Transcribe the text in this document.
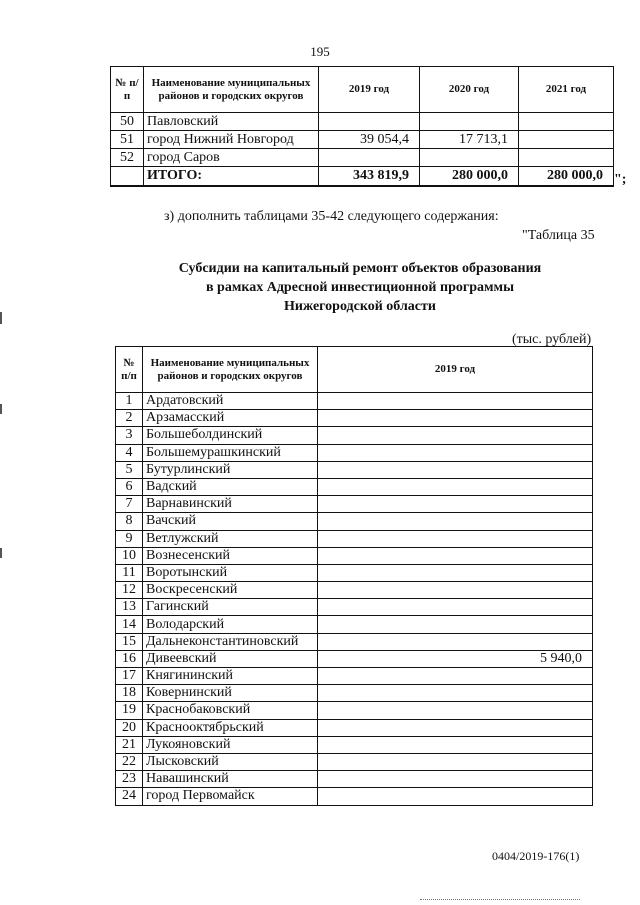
195
№ п/п	Наименование муниципальных районов и городских округов	2019 год	2020 год	2021 год
50	Павловский			
51	город Нижний Новгород	39 054,4	17 713,1	
52	город Саров			
	ИТОГО:	343 819,9	280 000,0	280 000,0 ";
з) дополнить таблицами 35-42 следующего содержания:
"Таблица 35
Субсидии на капитальный ремонт объектов образования
в рамках Адресной инвестиционной программы
Нижегородской области
(тыс. рублей)
№ п/п	Наименование муниципальных районов и городских округов	2019 год
1	Ардатовский	
2	Арзамасский	
3	Большеболдинский	
4	Большемурашкинский	
5	Бутурлинский	
6	Вадский	
7	Варнавинский	
8	Вачский	
9	Ветлужский	
10	Вознесенский	
11	Воротынский	
12	Воскресенский	
13	Гагинский	
14	Володарский	
15	Дальнеконстантиновский	
16	Дивеевский	5 940,0
17	Княгининский	
18	Ковернинский	
19	Краснобаковский	
20	Краснооктябрьский	
21	Лукояновский	
22	Лысковский	
23	Навашинский	
24	город Первомайск	
0404/2019-176(1)
